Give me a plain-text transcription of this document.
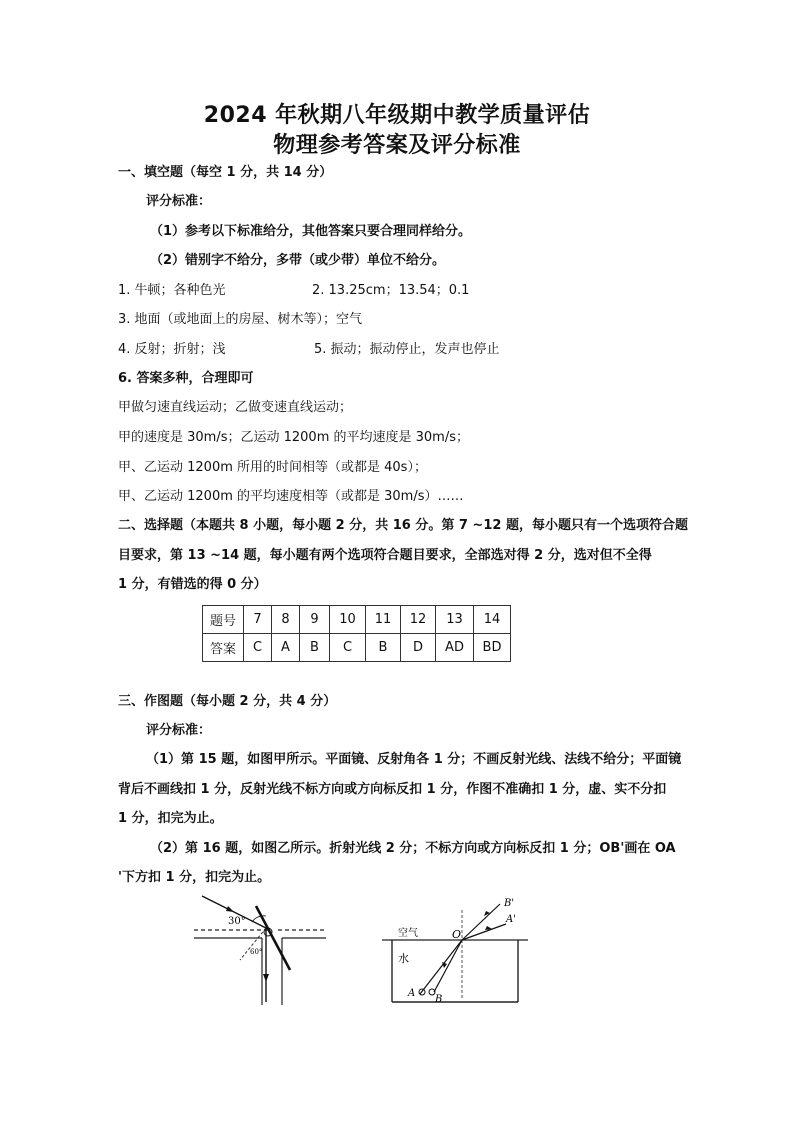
2024 年秋期八年级期中教学质量评估
物理参考答案及评分标准
一、填空题（每空 1 分，共 14 分）
评分标准：
（1）参考以下标准给分，其他答案只要合理同样给分。
（2）错别字不给分，多带（或少带）单位不给分。
1. 牛顿；各种色光	2. 13.25cm；13.54；0.1
3. 地面（或地面上的房屋、树木等）；空气
4. 反射；折射；浅	5. 振动；振动停止，发声也停止
6. 答案多种，合理即可
甲做匀速直线运动；乙做变速直线运动；
甲的速度是 30m/s；乙运动 1200m 的平均速度是 30m/s；
甲、乙运动 1200m 所用的时间相等（或都是 40s）；
甲、乙运动 1200m 的平均速度相等（或都是 30m/s）……
二、选择题（本题共 8 小题，每小题 2 分，共 16 分。第 7 ~12 题，每小题只有一个选项符合题
目要求，第 13 ~14 题，每小题有两个选项符合题目要求，全部选对得 2 分，选对但不全得
1 分，有错选的得 0 分）
题号	7	8	9	10	11	12	13	14
答案	C	A	B	C	B	D	AD	BD
三、作图题（每小题 2 分，共 4 分）
评分标准：
（1）第 15 题，如图甲所示。平面镜、反射角各 1 分；不画反射光线、法线不给分；平面镜
背后不画线扣 1 分，反射光线不标方向或方向标反扣 1 分，作图不准确扣 1 分，虚、实不分扣
1 分，扣完为止。
（2）第 16 题，如图乙所示。折射光线 2 分；不标方向或方向标反扣 1 分；OB'画在 OA
'下方扣 1 分，扣完为止。
30°
60°
空气
水
O
A
B
B'
A'
